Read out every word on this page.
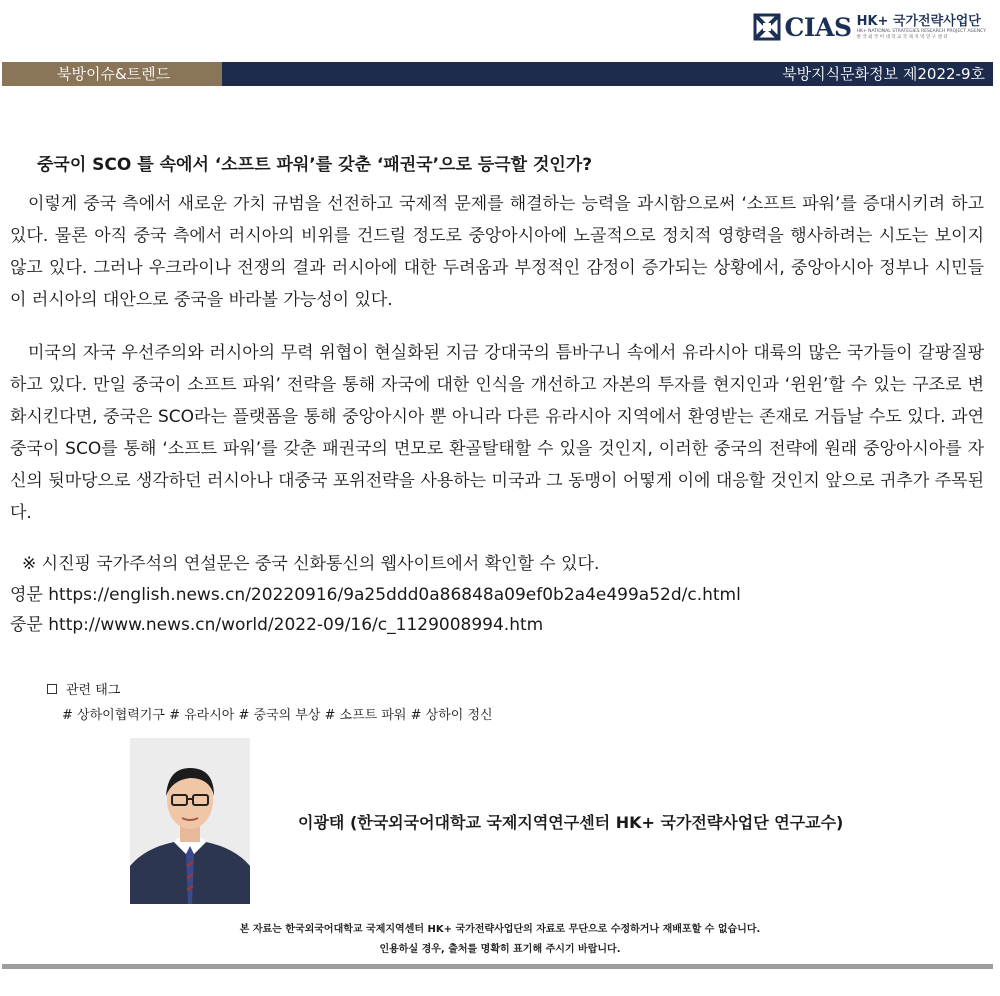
CIAS HK+ 국가전략사업단
HK+ NATIONAL STRATEGIES RESEARCH PROJECT AGENCY
한 국 외 국 어 대 학 교 국 제 지 역 연 구 센 터
북방이슈&트렌드	북방지식문화정보 제2022-9호
중국이 SCO 틀 속에서 ‘소프트 파워’를 갖춘 ‘패권국’으로 등극할 것인가?

이렇게 중국 측에서 새로운 가치 규범을 선전하고 국제적 문제를 해결하는 능력을 과시함으로써 ‘소프트 파워’를 증대시키려 하고 있다. 물론 아직 중국 측에서 러시아의 비위를 건드릴 정도로 중앙아시아에 노골적으로 정치적 영향력을 행사하려는 시도는 보이지 않고 있다. 그러나 우크라이나 전쟁의 결과 러시아에 대한 두려움과 부정적인 감정이 증가되는 상황에서, 중앙아시아 정부나 시민들이 러시아의 대안으로 중국을 바라볼 가능성이 있다.

미국의 자국 우선주의와 러시아의 무력 위협이 현실화된 지금 강대국의 틈바구니 속에서 유라시아 대륙의 많은 국가들이 갈팡질팡하고 있다. 만일 중국이 소프트 파워’ 전략을 통해 자국에 대한 인식을 개선하고 자본의 투자를 현지인과 ‘윈윈’할 수 있는 구조로 변화시킨다면, 중국은 SCO라는 플랫폼을 통해 중앙아시아 뿐 아니라 다른 유라시아 지역에서 환영받는 존재로 거듭날 수도 있다. 과연 중국이 SCO를 통해 ‘소프트 파워’를 갖춘 패권국의 면모로 환골탈태할 수 있을 것인지, 이러한 중국의 전략에 원래 중앙아시아를 자신의 뒷마당으로 생각하던 러시아나 대중국 포위전략을 사용하는 미국과 그 동맹이 어떻게 이에 대응할 것인지 앞으로 귀추가 주목된다.

※ 시진핑 국가주석의 연설문은 중국 신화통신의 웹사이트에서 확인할 수 있다.

영문 https://english.news.cn/20220916/9a25ddd0a86848a09ef0b2a4e499a52d/c.html

중문 http://www.news.cn/world/2022-09/16/c_1129008994.htm

관련 태그
# 상하이협력기구 # 유라시아 # 중국의 부상 # 소프트 파워 # 상하이 정신
이광태 (한국외국어대학교 국제지역연구센터 HK+ 국가전략사업단 연구교수)
본 자료는 한국외국어대학교 국제지역센터 HK+ 국가전략사업단의 자료로 무단으로 수정하거나 재배포할 수 없습니다.
인용하실 경우, 출처를 명확히 표기해 주시기 바랍니다.
